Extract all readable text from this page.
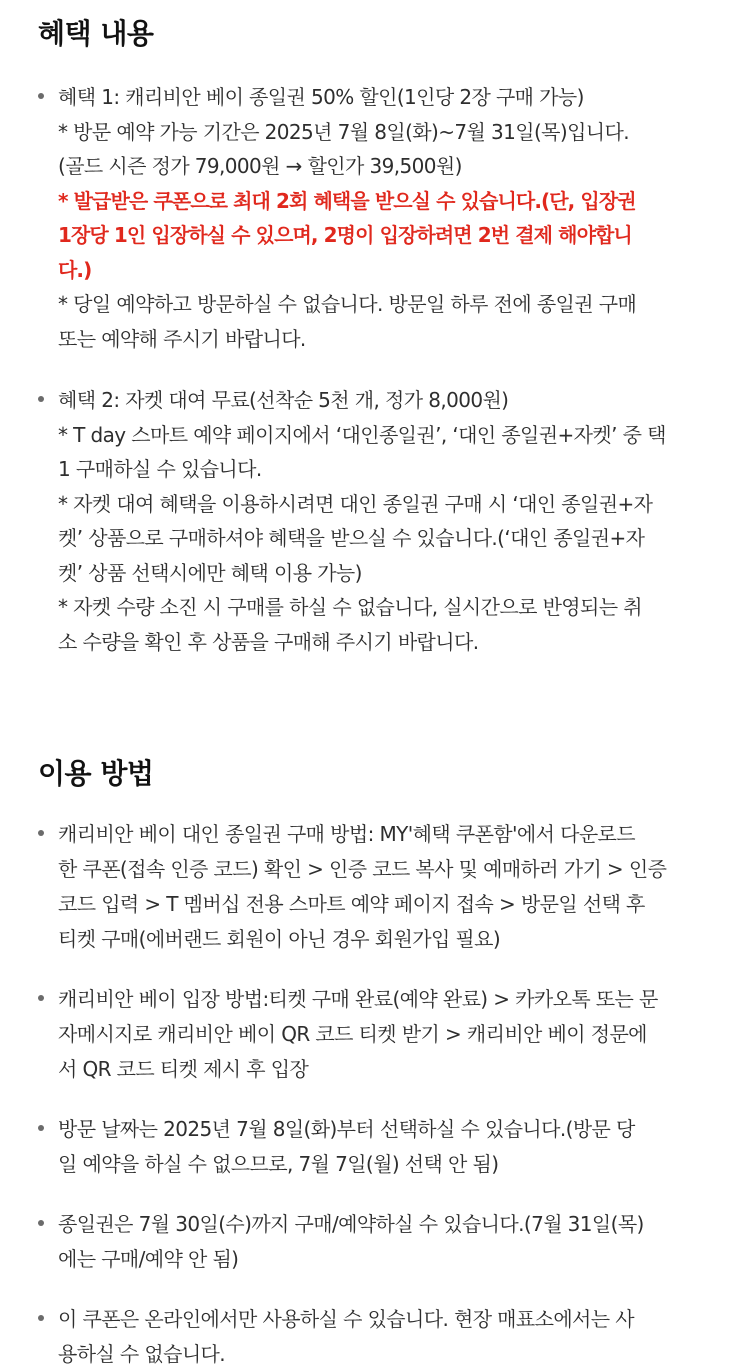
혜택 내용
혜택 1: 캐리비안 베이 종일권 50% 할인(1인당 2장 구매 가능)
* 방문 예약 가능 기간은 2025년 7월 8일(화)~7월 31일(목)입니다.
(골드 시즌 정가 79,000원 → 할인가 39,500원)
* 발급받은 쿠폰으로 최대 2회 혜택을 받으실 수 있습니다.(단, 입장권
1장당 1인 입장하실 수 있으며, 2명이 입장하려면 2번 결제 해야합니
다.)
* 당일 예약하고 방문하실 수 없습니다. 방문일 하루 전에 종일권 구매
또는 예약해 주시기 바랍니다.
혜택 2: 자켓 대여 무료(선착순 5천 개, 정가 8,000원)
* T day 스마트 예약 페이지에서 ‘대인종일권’, ‘대인 종일권+자켓’ 중 택
1 구매하실 수 있습니다.
* 자켓 대여 혜택을 이용하시려면 대인 종일권 구매 시 ‘대인 종일권+자
켓’ 상품으로 구매하셔야 혜택을 받으실 수 있습니다.(‘대인 종일권+자
켓’ 상품 선택시에만 혜택 이용 가능)
* 자켓 수량 소진 시 구매를 하실 수 없습니다, 실시간으로 반영되는 취
소 수량을 확인 후 상품을 구매해 주시기 바랍니다.
이용 방법
캐리비안 베이 대인 종일권 구매 방법: MY'혜택 쿠폰함'에서 다운로드
한 쿠폰(접속 인증 코드) 확인 > 인증 코드 복사 및 예매하러 가기 > 인증
코드 입력 > T 멤버십 전용 스마트 예약 페이지 접속 > 방문일 선택 후
티켓 구매(에버랜드 회원이 아닌 경우 회원가입 필요)
캐리비안 베이 입장 방법:티켓 구매 완료(예약 완료) > 카카오톡 또는 문
자메시지로 캐리비안 베이 QR 코드 티켓 받기 > 캐리비안 베이 정문에
서 QR 코드 티켓 제시 후 입장
방문 날짜는 2025년 7월 8일(화)부터 선택하실 수 있습니다.(방문 당
일 예약을 하실 수 없으므로, 7월 7일(월) 선택 안 됨)
종일권은 7월 30일(수)까지 구매/예약하실 수 있습니다.(7월 31일(목)
에는 구매/예약 안 됨)
이 쿠폰은 온라인에서만 사용하실 수 있습니다. 현장 매표소에서는 사
용하실 수 없습니다.
